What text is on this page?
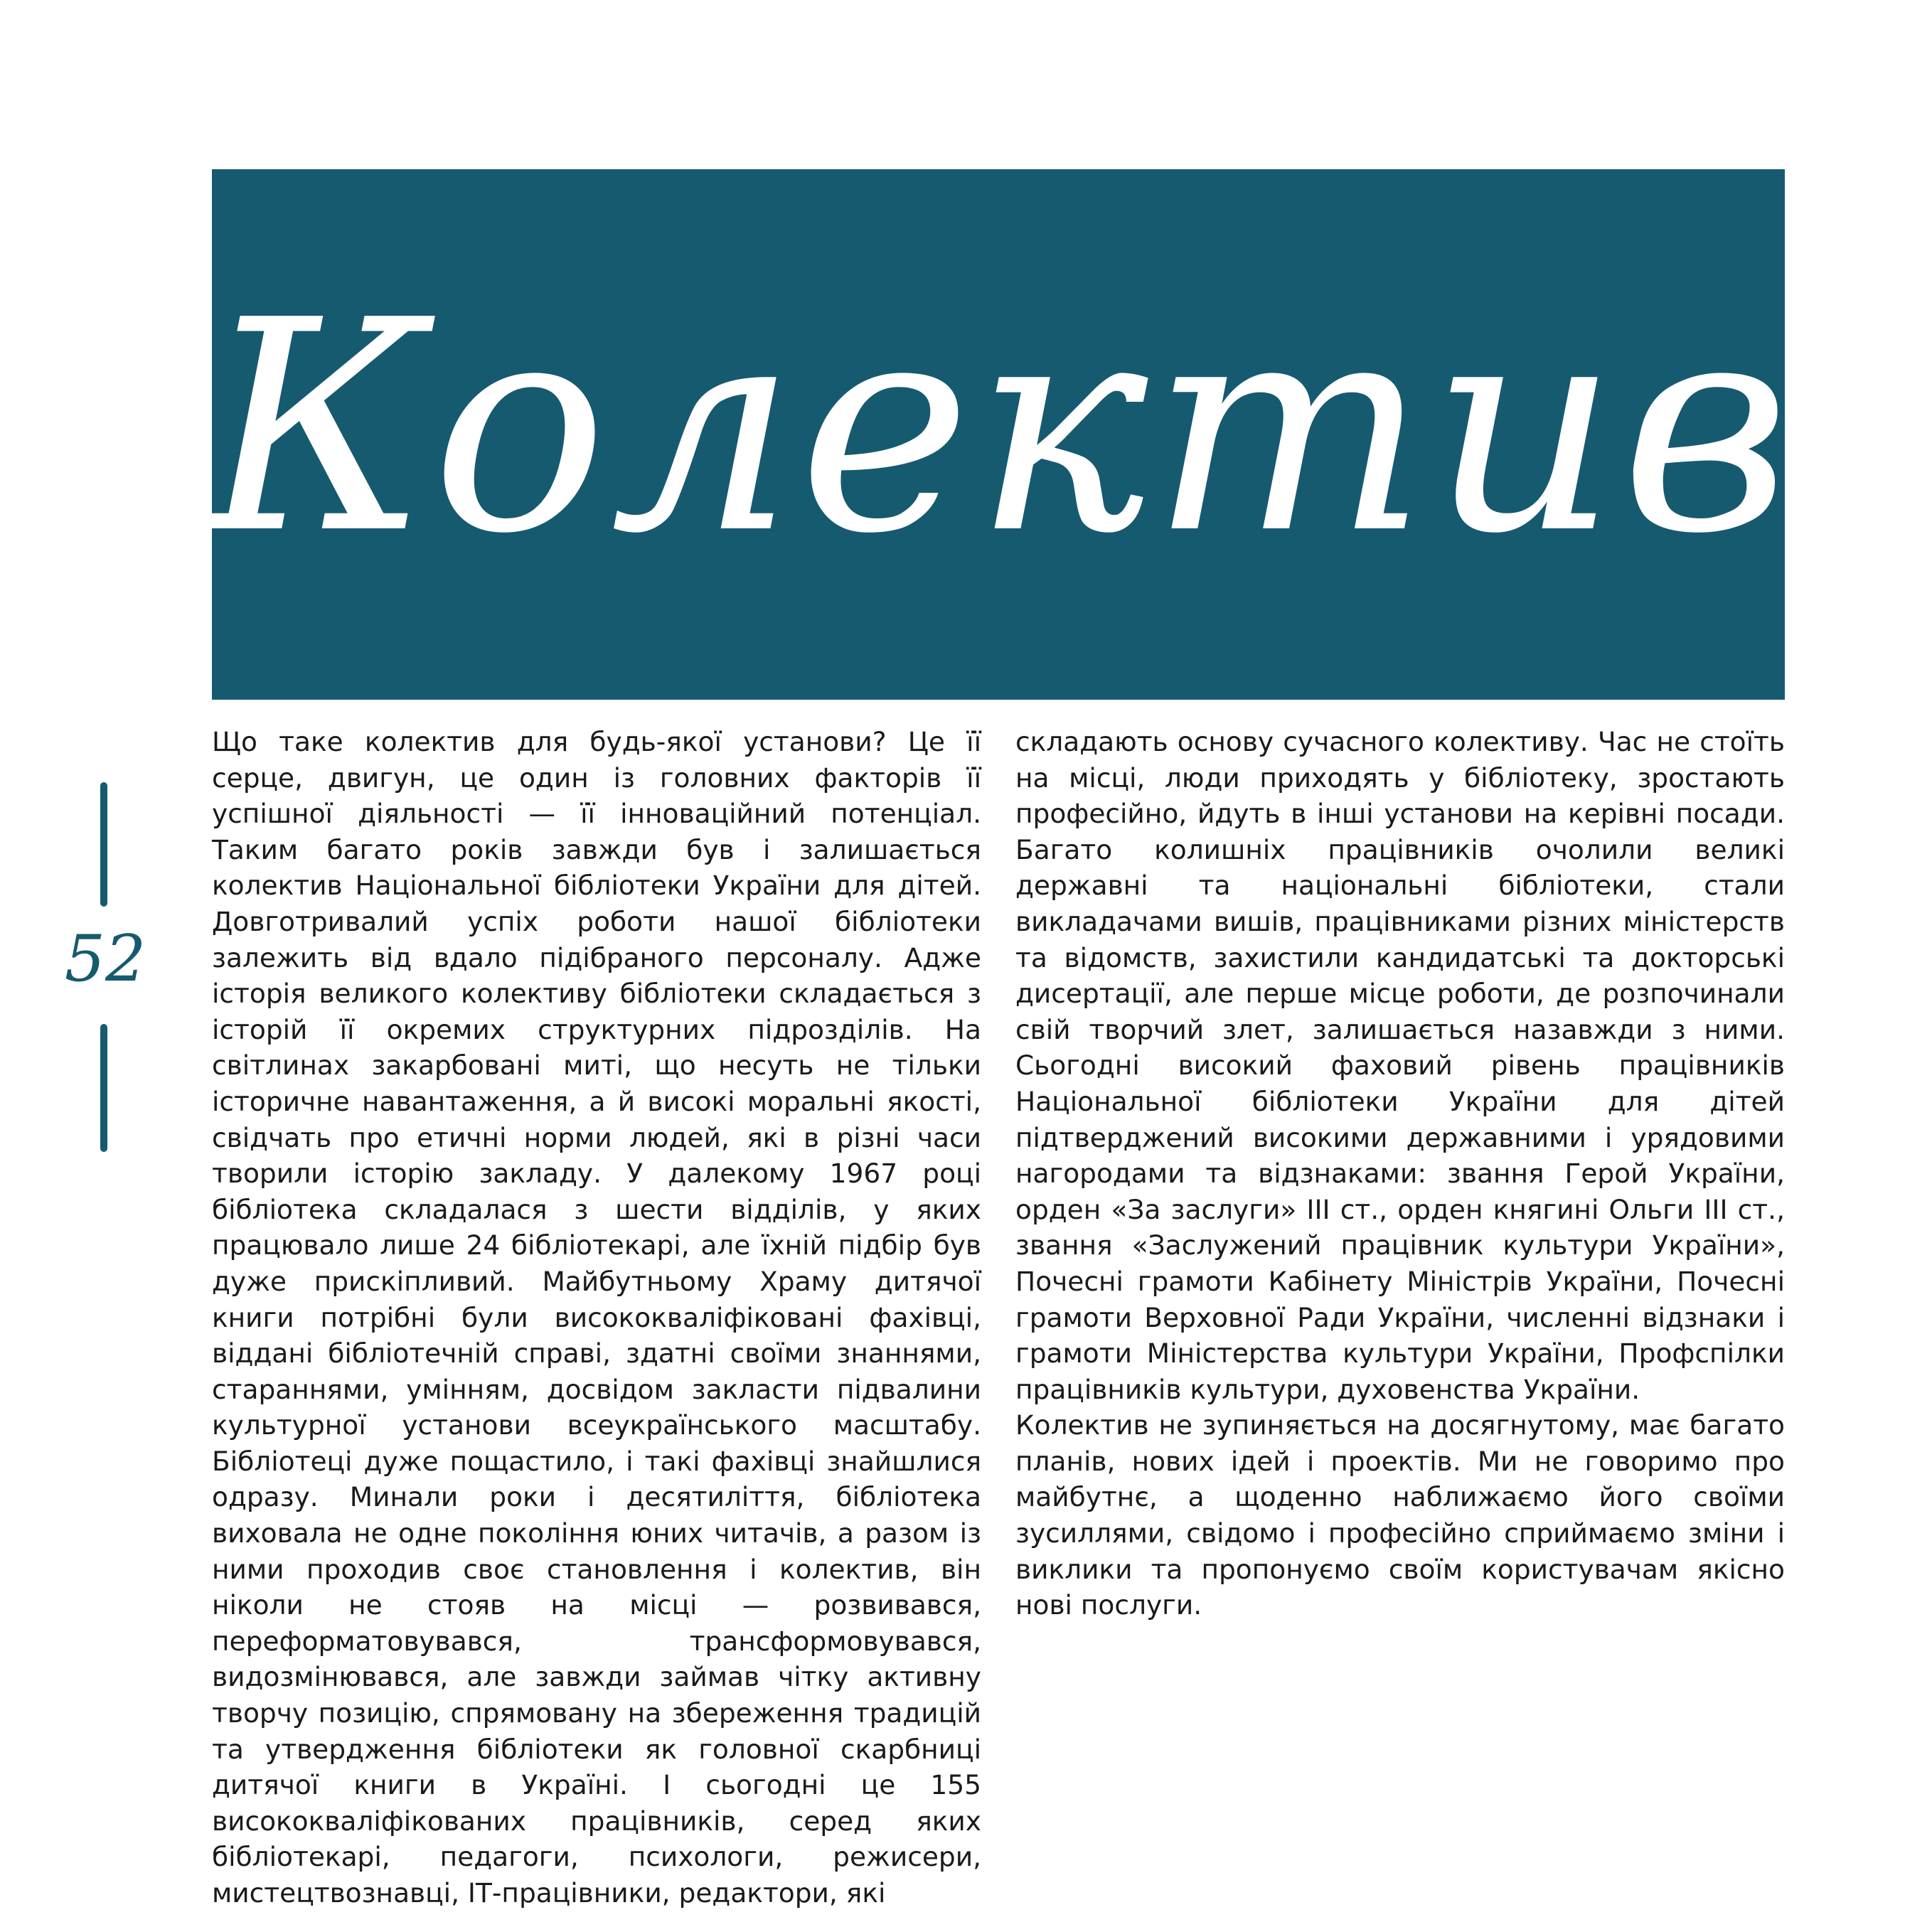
Колектив
52

Що таке колектив для будь-якої установи? Це її серце, двигун, це один із головних факторів її успішної діяльності — її інноваційний потенціал. Таким багато років завжди був і залишається колектив Національної бібліотеки України для дітей. Довготривалий успіх роботи нашої бібліотеки залежить від вдало підібраного персоналу. Адже історія великого колективу бібліотеки складається з історій її окремих структурних підрозділів. На світлинах закарбовані миті, що несуть не тільки історичне навантаження, а й високі моральні якості, свідчать про етичні норми людей, які в різні часи творили історію закладу. У далекому 1967 році бібліотека складалася з шести відділів, у яких працювало лише 24 бібліотекарі, але їхній підбір був дуже прискіпливий. Майбутньому Храму дитячої книги потрібні були висококваліфіковані фахівці, віддані бібліотечній справі, здатні своїми знаннями, стараннями, умінням, досвідом закласти підвалини культурної установи всеукраїнського масштабу. Бібліотеці дуже пощастило, і такі фахівці знайшлися одразу. Минали роки і десятиліття, бібліотека виховала не одне покоління юних читачів, а разом із ними проходив своє становлення і колектив, він ніколи не стояв на місці — розвивався, переформатовувався, трансформовувався, видозмінювався, але завжди займав чітку активну творчу позицію, спрямовану на збереження традицій та утвердження бібліотеки як головної скарбниці дитячої книги в Україні. І сьогодні це 155 висококваліфікованих працівників, серед яких бібліотекарі, педагоги, психологи, режисери, мистецтвознавці, ІТ-працівники, редактори, які

складають основу сучасного колективу. Час не стоїть на місці, люди приходять у бібліотеку, зростають професійно, йдуть в інші установи на керівні посади. Багато колишніх працівників очолили великі державні та національні бібліотеки, стали викладачами вишів, працівниками різних міністерств та відомств, захистили кандидатські та докторські дисертації, але перше місце роботи, де розпочинали свій творчий злет, залишається назавжди з ними. Сьогодні високий фаховий рівень працівників Національної бібліотеки України для дітей підтверджений високими державними і урядовими нагородами та відзнаками: звання Герой України, орден «За заслуги» ІІІ ст., орден княгині Ольги ІІІ ст., звання «Заслужений працівник культури України», Почесні грамоти Кабінету Міністрів України, Почесні грамоти Верховної Ради України, численні відзнаки і грамоти Міністерства культури України, Профспілки працівників культури, духовенства України.

Колектив не зупиняється на досягнутому, має багато планів, нових ідей і проектів. Ми не говоримо про майбутнє, а щоденно наближаємо його своїми зусиллями, свідомо і професійно сприймаємо зміни і виклики та пропонуємо своїм користувачам якісно нові послуги.
